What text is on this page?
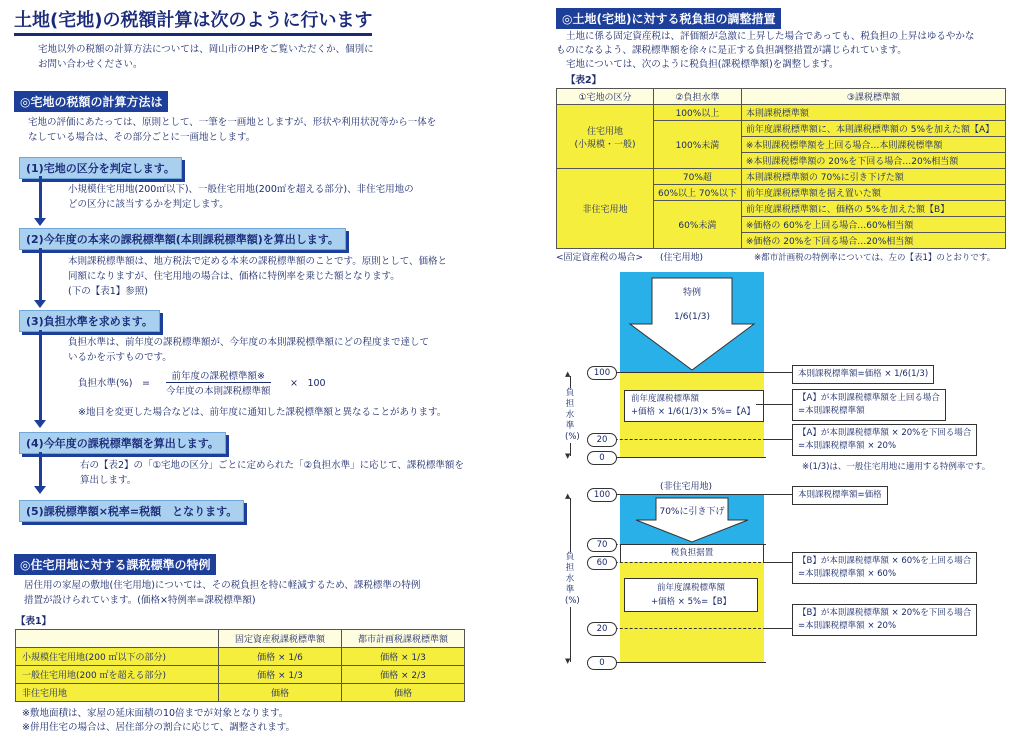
土地(宅地)の税額計算は次のように行います
宅地以外の税額の計算方法については、岡山市のHPをご覧いただくか、個別に
お問い合わせください。
◎宅地の税額の計算方法は
宅地の評価にあたっては、原則として、一筆を一画地としますが、形状や利用状況等から一体を
なしている場合は、その部分ごとに一画地とします。
(1)宅地の区分を判定します。
小規模住宅用地(200㎡以下)、一般住宅用地(200㎡を超える部分)、非住宅用地の
どの区分に該当するかを判定します。
(2)今年度の本来の課税標準額(本則課税標準額)を算出します。
本則課税標準額は、地方税法で定める本来の課税標準額のことです。原則として、価格と
同額になりますが、住宅用地の場合は、価格に特例率を乗じた額となります。
(下の【表1】参照)
(3)負担水準を求めます。
負担水準は、前年度の課税標準額が、今年度の本則課税標準額にどの程度まで達して
いるかを示すものです。
負担水準(%)　=
前年度の課税標準額※
今年度の本則課税標準額
×　100
※地目を変更した場合などは、前年度に通知した課税標準額と異なることがあります。
(4)今年度の課税標準額を算出します。
右の【表2】の「①宅地の区分」ごとに定められた「②負担水準」に応じて、課税標準額を
算出します。
(5)課税標準額×税率=税額　となります。
◎住宅用地に対する課税標準の特例
居住用の家屋の敷地(住宅用地)については、その税負担を特に軽減するため、課税標準の特例
措置が設けられています。(価格×特例率=課税標準額)
【表1】
	固定資産税課税標準額	都市計画税課税標準額
小規模住宅用地(200 ㎡以下の部分)	価格 × 1/6	価格 × 1/3
一般住宅用地(200 ㎡を超える部分)	価格 × 1/3	価格 × 2/3
非住宅用地	価格	価格
※敷地面積は、家屋の延床面積の10倍までが対象となります。
※併用住宅の場合は、居住部分の割合に応じて、調整されます。
◎土地(宅地)に対する税負担の調整措置
土地に係る固定資産税は、評価額が急激に上昇した場合であっても、税負担の上昇はゆるやかな
ものになるよう、課税標準額を徐々に是正する負担調整措置が講じられています。
宅地については、次のように税負担(課税標準額)を調整します。
【表2】
①宅地の区分	②負担水準	③課税標準額

住宅用地
(小規模・一般)	100%以上	本則課税標準額
	100%未満	前年度課税標準額に、本則課税標準額の 5%を加えた額【A】
		※本則課税標準額を上回る場合…本則課税標準額
		※本則課税標準額の 20%を下回る場合…20%相当額
非住宅用地	70%超	本則課税標準額の 70%に引き下げた額
	60%以上 70%以下	前年度課税標準額を据え置いた額
	60%未満	前年度課税標準額に、価格の 5%を加えた額【B】
		※価格の 60%を上回る場合…60%相当額
		※価格の 20%を下回る場合…20%相当額
<固定資産税の場合> (住宅用地)	※都市計画税の特例率については、左の【表1】のとおりです。
特例
1/6(1/3)
前年度課税標準額
+価格 × 1/6(1/3)× 5%=【A】
100
20
0
▲
▼
負担水準(%)
本則課税標準額=価格 × 1/6(1/3)
【A】が本則課税標準額を上回る場合
=本則課税標準額
【A】が本則課税標準額 × 20%を下回る場合
=本則課税標準額 × 20%
※(1/3)は、一般住宅用地に適用する特例率です。
(非住宅用地)
70%に引き下げ
税負担据置
前年度課税標準額
+価格 × 5%=【B】
100
70
60
20
0
▲
▼
負担水準(%)
本則課税標準額=価格
【B】が本則課税標準額 × 60%を上回る場合
=本則課税標準額 × 60%
【B】が本則課税標準額 × 20%を下回る場合
=本則課税標準額 × 20%
